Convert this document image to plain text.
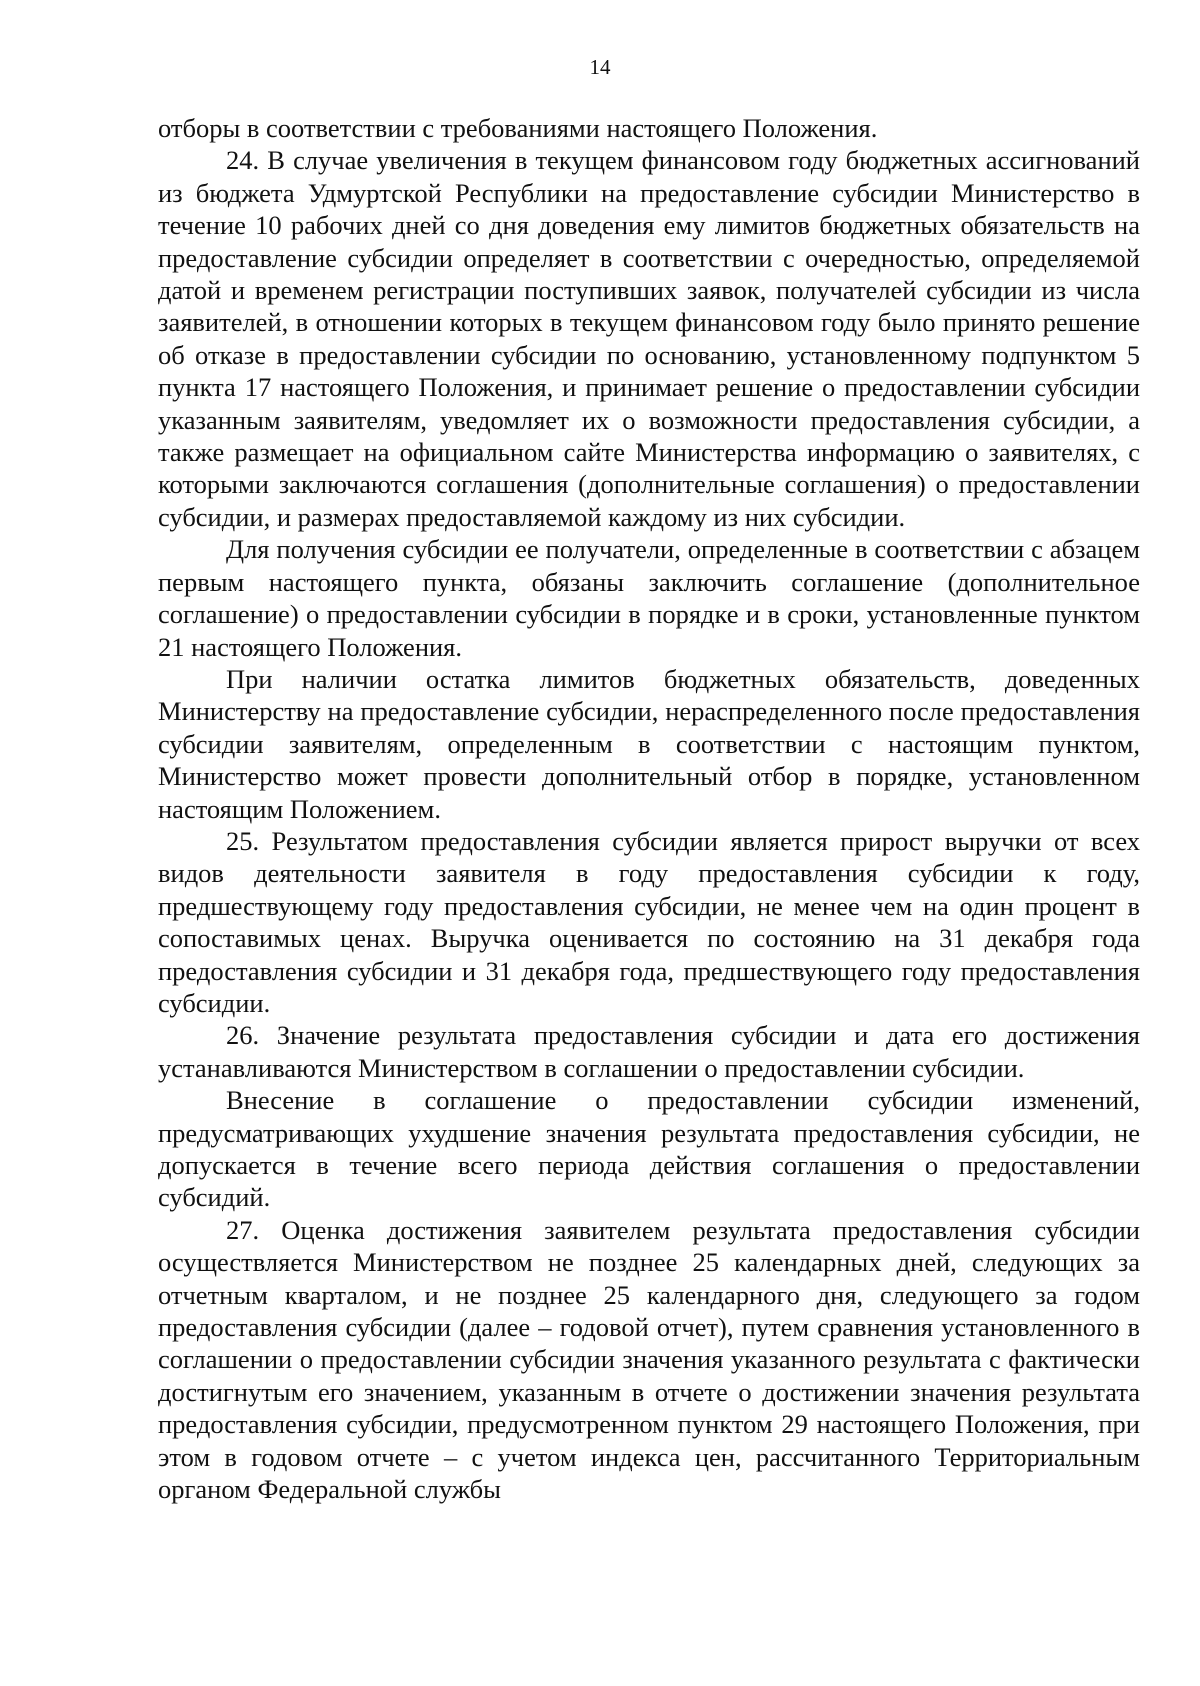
14

отборы в соответствии с требованиями настоящего Положения.

24. В случае увеличения в текущем финансовом году бюджетных ассигнований из бюджета Удмуртской Республики на предоставление субсидии Министерство в течение 10 рабочих дней со дня доведения ему лимитов бюджетных обязательств на предоставление субсидии определяет в соответствии с очередностью, определяемой датой и временем регистрации поступивших заявок, получателей субсидии из числа заявителей, в отношении которых в текущем финансовом году было принято решение об отказе в предоставлении субсидии по основанию, установленному подпунктом 5 пункта 17 настоящего Положения, и принимает решение о предоставлении субсидии указанным заявителям, уведомляет их о возможности предоставления субсидии, а также размещает на официальном сайте Министерства информацию о заявителях, с которыми заключаются соглашения (дополнительные соглашения) о предоставлении субсидии, и размерах предоставляемой каждому из них субсидии.

Для получения субсидии ее получатели, определенные в соответствии с абзацем первым настоящего пункта, обязаны заключить соглашение (дополнительное соглашение) о предоставлении субсидии в порядке и в сроки, установленные пунктом 21 настоящего Положения.

При наличии остатка лимитов бюджетных обязательств, доведенных Министерству на предоставление субсидии, нераспределенного после предоставления субсидии заявителям, определенным в соответствии с настоящим пунктом, Министерство может провести дополнительный отбор в порядке, установленном настоящим Положением.

25. Результатом предоставления субсидии является прирост выручки от всех видов деятельности заявителя в году предоставления субсидии к году, предшествующему году предоставления субсидии, не менее чем на один процент в сопоставимых ценах. Выручка оценивается по состоянию на 31 декабря года предоставления субсидии и 31 декабря года, предшествующего году предоставления субсидии.

26. Значение результата предоставления субсидии и дата его достижения устанавливаются Министерством в соглашении о предоставлении субсидии.

Внесение в соглашение о предоставлении субсидии изменений, предусматривающих ухудшение значения результата предоставления субсидии, не допускается в течение всего периода действия соглашения о предоставлении субсидий.

27. Оценка достижения заявителем результата предоставления субсидии осуществляется Министерством не позднее 25 календарных дней, следующих за отчетным кварталом, и не позднее 25 календарного дня, следующего за годом предоставления субсидии (далее – годовой отчет), путем сравнения установленного в соглашении о предоставлении субсидии значения указанного результата с фактически достигнутым его значением, указанным в отчете о достижении значения результата предоставления субсидии, предусмотренном пунктом 29 настоящего Положения, при этом в годовом отчете – с учетом индекса цен, рассчитанного Территориальным органом Федеральной службы
